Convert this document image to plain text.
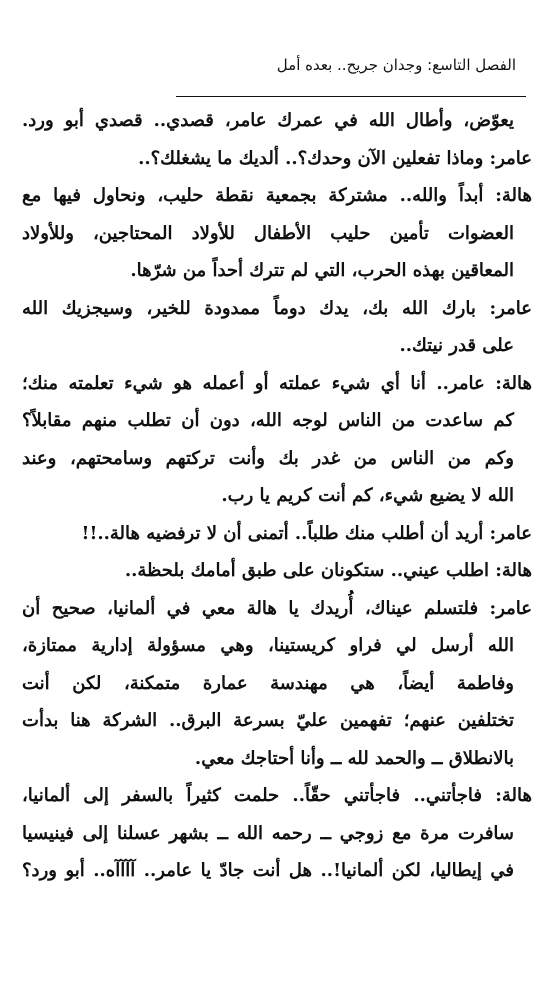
الفصل التاسع: وجدان جريح.. بعده أمل
يعوّض، وأطال الله في عمرك عامر، قصدي.. قصدي أبو ورد.
عامر: وماذا تفعلين الآن وحدك؟.. ألديك ما يشغلك؟..
هالة: أبداً والله.. مشتركة بجمعية نقطة حليب، ونحاول فيها مع
العضوات تأمين حليب الأطفال للأولاد المحتاجين، وللأولاد
المعاقين بهذه الحرب، التي لم تترك أحداً من شرّها.
عامر: بارك الله بك، يدك دوماً ممدودة للخير، وسيجزيك الله
على قدر نيتك..
هالة: عامر.. أنا أي شيء عملته أو أعمله هو شيء تعلمته منك؛
كم ساعدت من الناس لوجه الله، دون أن تطلب منهم مقابلاً؟
وكم من الناس من غدر بك وأنت تركتهم وسامحتهم، وعند
الله لا يضيع شيء، كم أنت كريم يا رب.
عامر: أريد أن أطلب منك طلباً.. أتمنى أن لا ترفضيه هالة..!!
هالة: اطلب عيني.. ستكونان على طبق أمامك بلحظة..
عامر: فلتسلم عيناك، أُريدك يا هالة معي في ألمانيا، صحيح أن
الله أرسل لي فراو كريستينا، وهي مسؤولة إدارية ممتازة،
وفاطمة أيضاً، هي مهندسة عمارة متمكنة، لكن أنت
تختلفين عنهم؛ تفهمين عليّ بسرعة البرق.. الشركة هنا بدأت
بالانطلاق ــ والحمد لله ــ وأنا أحتاجك معي.
هالة: فاجأتني.. فاجأتني حقّاً.. حلمت كثيراً بالسفر إلى ألمانيا،
سافرت مرة مع زوجي ــ رحمه الله ــ بشهر عسلنا إلى فينيسيا
في إيطاليا، لكن ألمانيا!.. هل أنت جادّ يا عامر.. آآآآه.. أبو ورد؟
